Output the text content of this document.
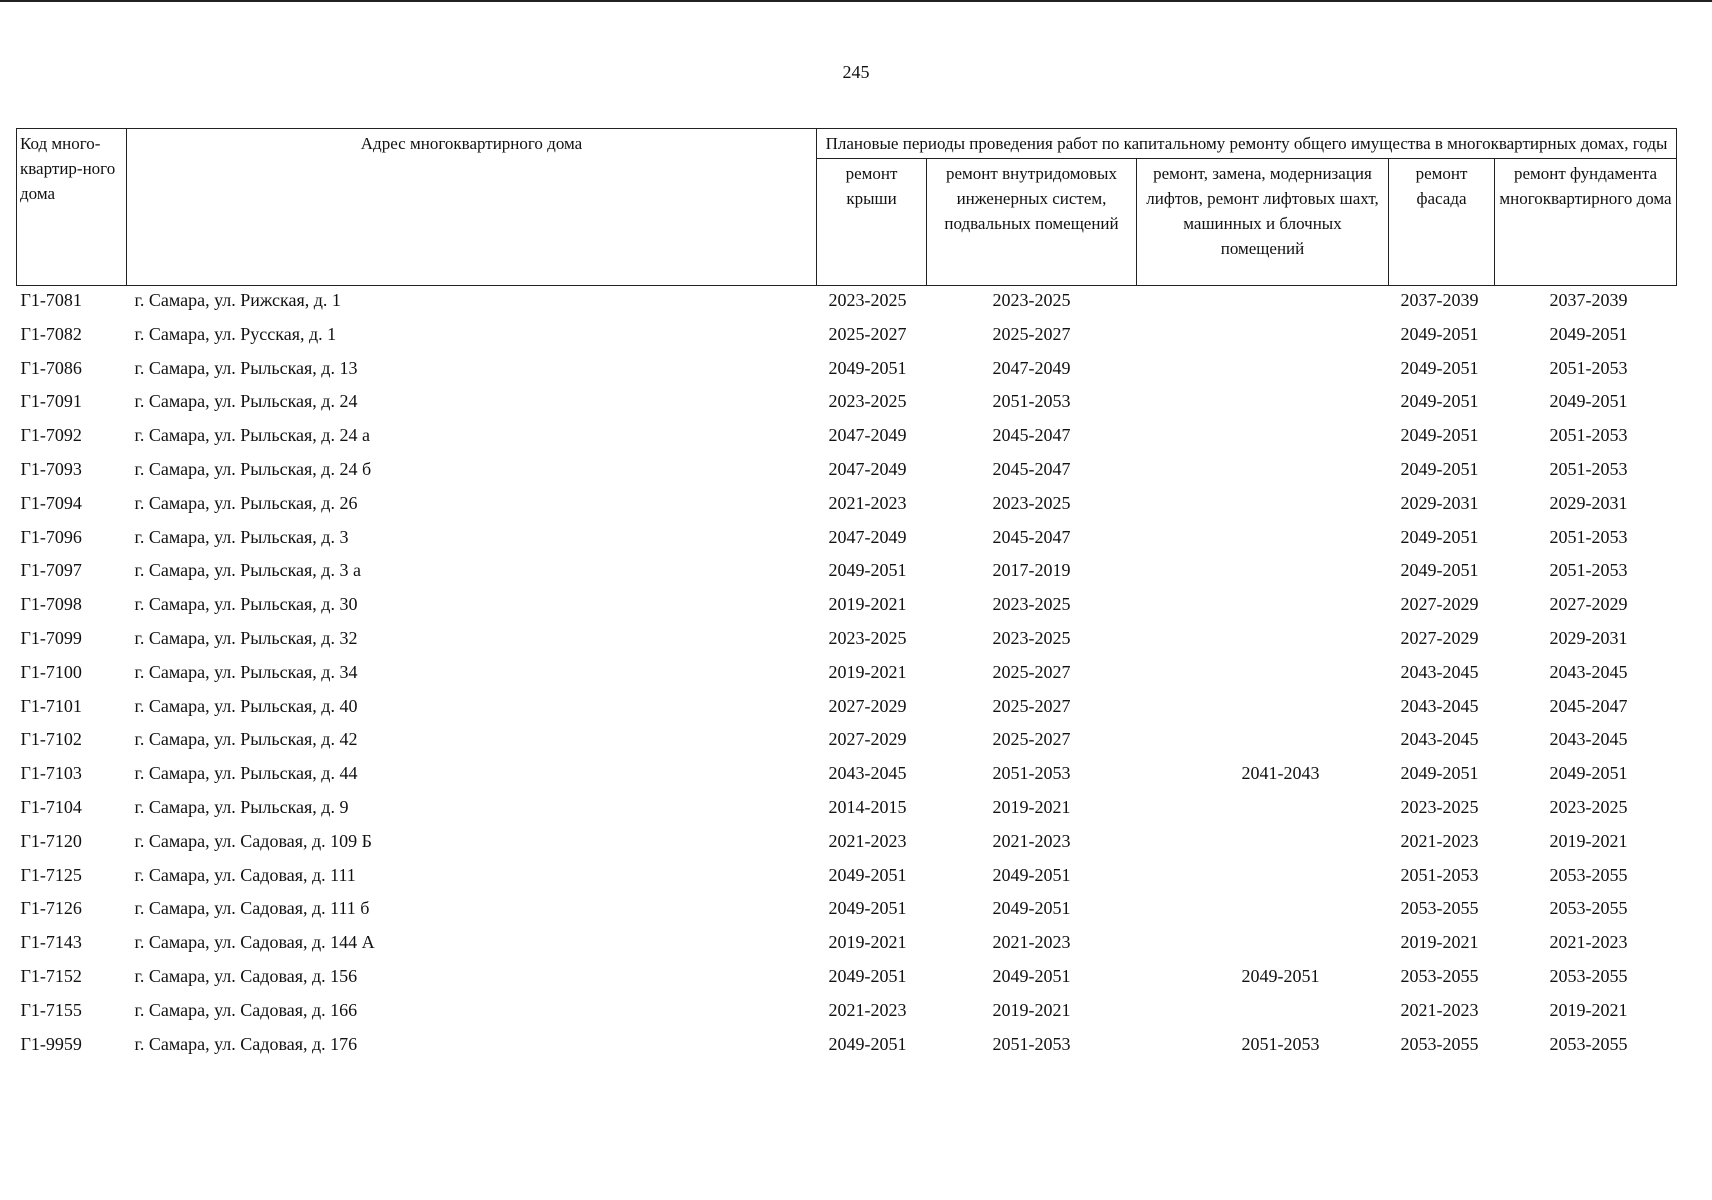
245
Код много-квартир-ного дома	Адрес многоквартирного дома	Плановые периоды проведения работ по капитальному ремонту общего имущества в многоквартирных домах, годы				
		ремонт крыши	ремонт внутридомовых инженерных систем, подвальных помещений	ремонт, замена, модернизация лифтов, ремонт лифтовых шахт, машинных и блочных помещений	ремонт фасада	ремонт фундамента многоквартирного дома
Г1-7081	г. Самара, ул. Рижская, д. 1	2023-2025	2023-2025		2037-2039	2037-2039
Г1-7082	г. Самара, ул. Русская, д. 1	2025-2027	2025-2027		2049-2051	2049-2051
Г1-7086	г. Самара, ул. Рыльская, д. 13	2049-2051	2047-2049		2049-2051	2051-2053
Г1-7091	г. Самара, ул. Рыльская, д. 24	2023-2025	2051-2053		2049-2051	2049-2051
Г1-7092	г. Самара, ул. Рыльская, д. 24 а	2047-2049	2045-2047		2049-2051	2051-2053
Г1-7093	г. Самара, ул. Рыльская, д. 24 б	2047-2049	2045-2047		2049-2051	2051-2053
Г1-7094	г. Самара, ул. Рыльская, д. 26	2021-2023	2023-2025		2029-2031	2029-2031
Г1-7096	г. Самара, ул. Рыльская, д. 3	2047-2049	2045-2047		2049-2051	2051-2053
Г1-7097	г. Самара, ул. Рыльская, д. 3 а	2049-2051	2017-2019		2049-2051	2051-2053
Г1-7098	г. Самара, ул. Рыльская, д. 30	2019-2021	2023-2025		2027-2029	2027-2029
Г1-7099	г. Самара, ул. Рыльская, д. 32	2023-2025	2023-2025		2027-2029	2029-2031
Г1-7100	г. Самара, ул. Рыльская, д. 34	2019-2021	2025-2027		2043-2045	2043-2045
Г1-7101	г. Самара, ул. Рыльская, д. 40	2027-2029	2025-2027		2043-2045	2045-2047
Г1-7102	г. Самара, ул. Рыльская, д. 42	2027-2029	2025-2027		2043-2045	2043-2045
Г1-7103	г. Самара, ул. Рыльская, д. 44	2043-2045	2051-2053	2041-2043	2049-2051	2049-2051
Г1-7104	г. Самара, ул. Рыльская, д. 9	2014-2015	2019-2021		2023-2025	2023-2025
Г1-7120	г. Самара, ул. Садовая, д. 109 Б	2021-2023	2021-2023		2021-2023	2019-2021
Г1-7125	г. Самара, ул. Садовая, д. 111	2049-2051	2049-2051		2051-2053	2053-2055
Г1-7126	г. Самара, ул. Садовая, д. 111 б	2049-2051	2049-2051		2053-2055	2053-2055
Г1-7143	г. Самара, ул. Садовая, д. 144 А	2019-2021	2021-2023		2019-2021	2021-2023
Г1-7152	г. Самара, ул. Садовая, д. 156	2049-2051	2049-2051	2049-2051	2053-2055	2053-2055
Г1-7155	г. Самара, ул. Садовая, д. 166	2021-2023	2019-2021		2021-2023	2019-2021
Г1-9959	г. Самара, ул. Садовая, д. 176	2049-2051	2051-2053	2051-2053	2053-2055	2053-2055
